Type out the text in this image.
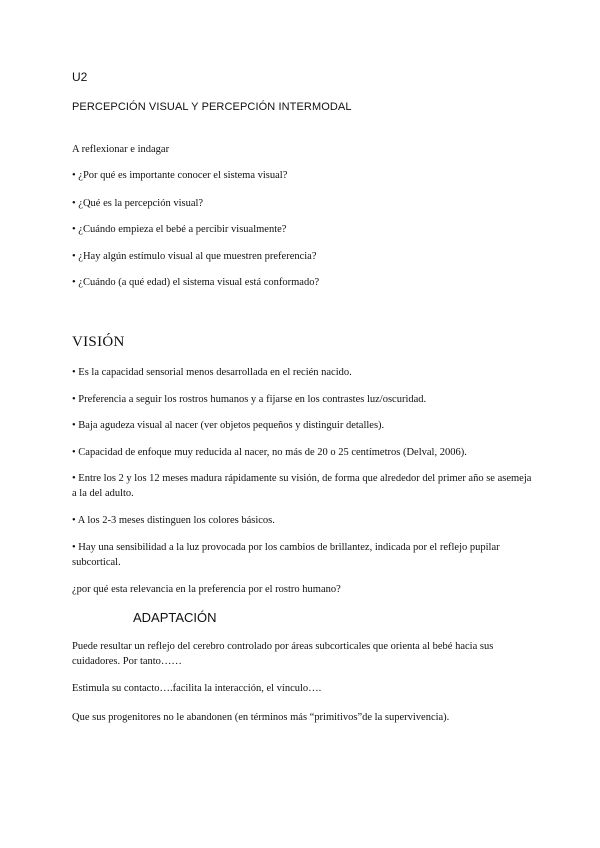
U2

PERCEPCIÓN VISUAL Y PERCEPCIÓN INTERMODAL

A reflexionar e indagar

• ¿Por qué es importante conocer el sistema visual?

• ¿Qué es la percepción visual?

• ¿Cuándo empieza el bebé a percibir visualmente?

• ¿Hay algún estímulo visual al que muestren preferencia?

• ¿Cuándo (a qué edad) el sistema visual está conformado?

VISIÓN

• Es la capacidad sensorial menos desarrollada en el recién nacido.

• Preferencia a seguir los rostros humanos y a fijarse en los contrastes luz/oscuridad.

• Baja agudeza visual al nacer (ver objetos pequeños y distinguir detalles).

• Capacidad de enfoque muy reducida al nacer, no más de 20 o 25 centímetros (Delval, 2006).

• Entre los 2 y los 12 meses madura rápidamente su visión, de forma que alrededor del primer año se asemeja a la del adulto.

• A los 2-3 meses distinguen los colores básicos.

• Hay una sensibilidad a la luz provocada por los cambios de brillantez, indicada por el reflejo pupilar subcortical.

¿por qué esta relevancia en la preferencia por el rostro humano?

ADAPTACIÓN

Puede resultar un reflejo del cerebro controlado por áreas subcorticales que orienta al bebé hacia sus cuidadores. Por tanto……

Estimula su contacto….facilita la interacción, el vínculo….

Que sus progenitores no le abandonen (en términos más “primitivos”de la supervivencia).
